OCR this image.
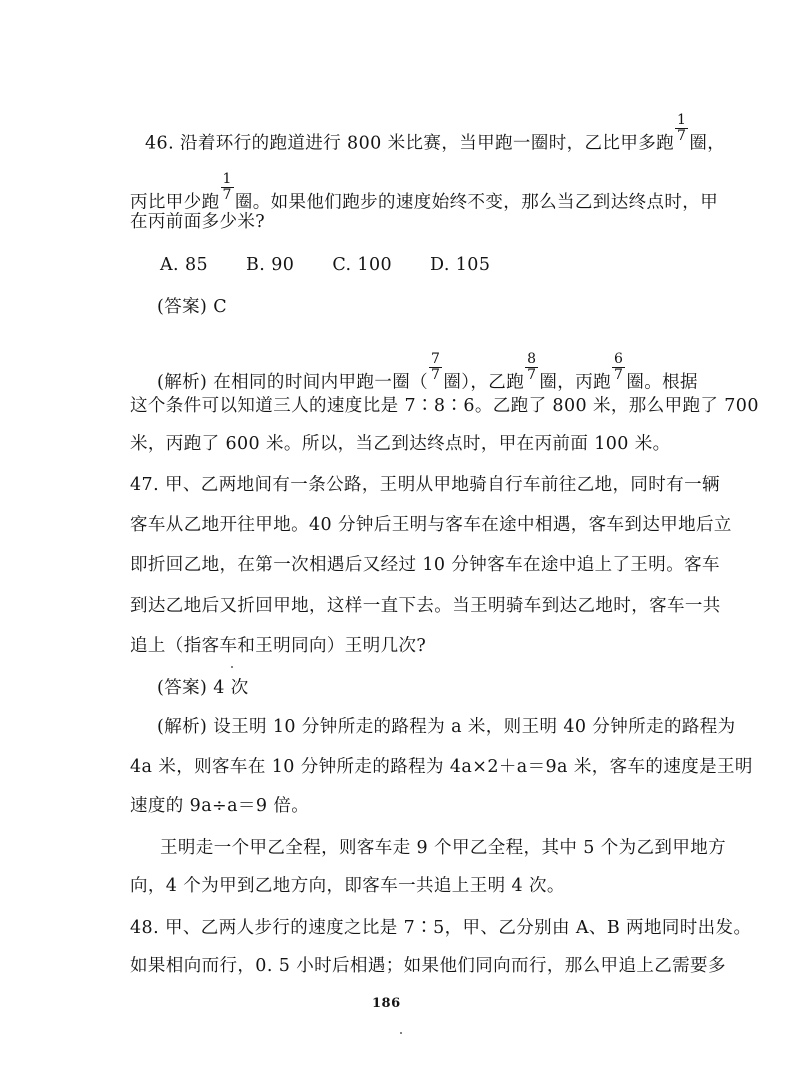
46. 沿着环行的跑道进行 800 米比赛，当甲跑一圈时，乙比甲多跑 $\frac{1}{7}$ 圈，

丙比甲少跑 $\frac{1}{7}$ 圈。如果他们跑步的速度始终不变，那么当乙到达终点时，甲

在丙前面多少米?

A. 85 B. 90 C. 100 D. 105

(答案) C

(解析) 在相同的时间内甲跑一圈（ $\frac{7}{7}$ 圈），乙跑 $\frac{8}{7}$ 圈，丙跑 $\frac{6}{7}$ 圈。根据

这个条件可以知道三人的速度比是 7∶8∶6。乙跑了 800 米，那么甲跑了 700

米，丙跑了 600 米。所以，当乙到达终点时，甲在丙前面 100 米。

47. 甲、乙两地间有一条公路，王明从甲地骑自行车前往乙地，同时有一辆

客车从乙地开往甲地。40 分钟后王明与客车在途中相遇，客车到达甲地后立

即折回乙地，在第一次相遇后又经过 10 分钟客车在途中追上了王明。客车

到达乙地后又折回甲地，这样一直下去。当王明骑车到达乙地时，客车一共

追上（指客车和王明同向）王明几次?

(答案) 4 次

(解析) 设王明 10 分钟所走的路程为 a 米，则王明 40 分钟所走的路程为

4a 米，则客车在 10 分钟所走的路程为 4a×2＋a＝9a 米，客车的速度是王明

速度的 9a÷a＝9 倍。

王明走一个甲乙全程，则客车走 9 个甲乙全程，其中 5 个为乙到甲地方

向，4 个为甲到乙地方向，即客车一共追上王明 4 次。

48. 甲、乙两人步行的速度之比是 7∶5，甲、乙分别由 A、B 两地同时出发。

如果相向而行，0. 5 小时后相遇；如果他们同向而行，那么甲追上乙需要多

186
